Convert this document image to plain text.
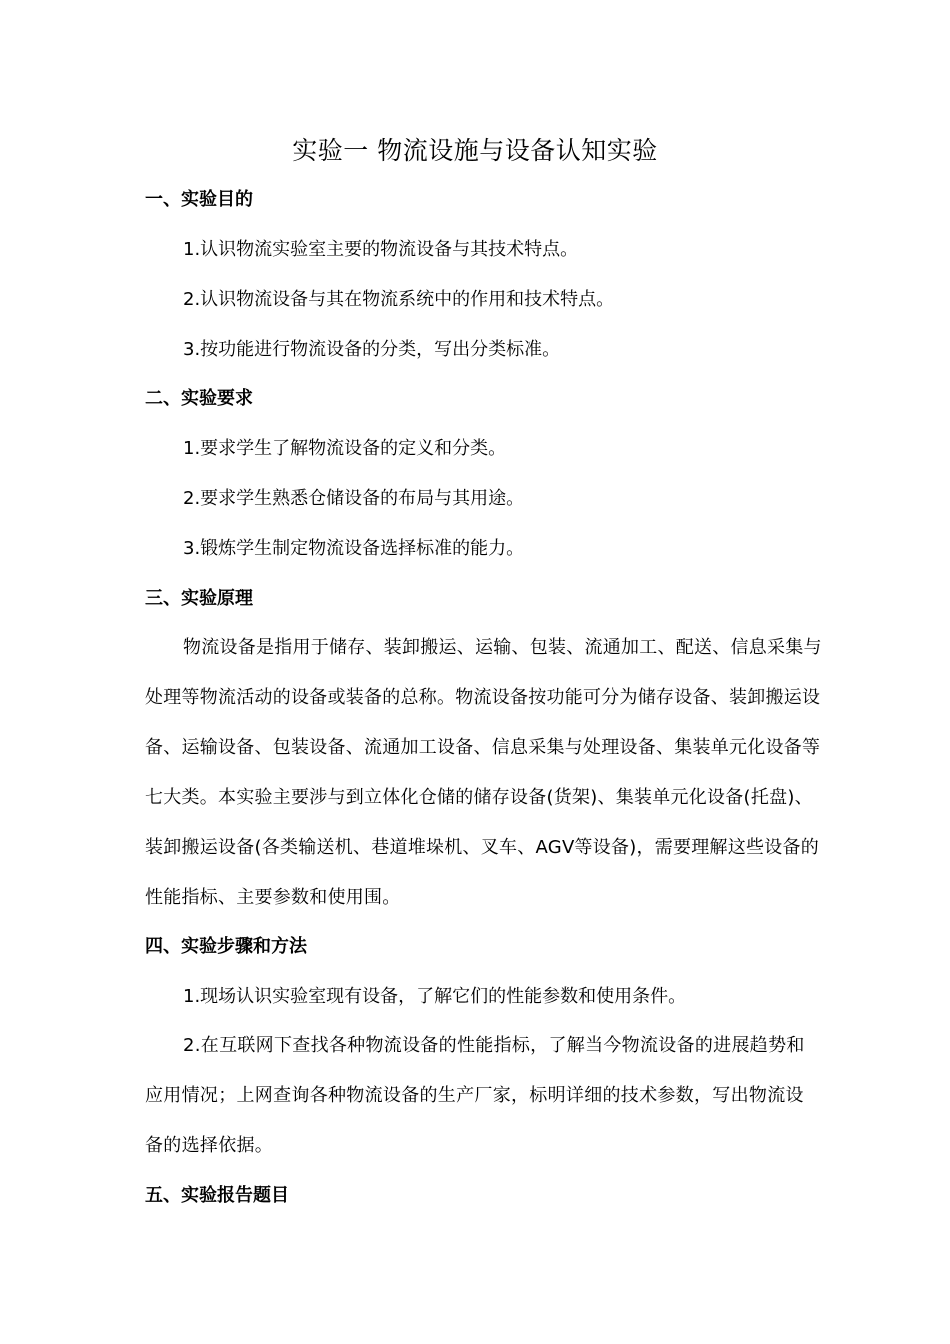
实验一 物流设施与设备认知实验
一、实验目的
1.认识物流实验室主要的物流设备与其技术特点。
2.认识物流设备与其在物流系统中的作用和技术特点。
3.按功能进行物流设备的分类，写出分类标准。
二、实验要求
1.要求学生了解物流设备的定义和分类。
2.要求学生熟悉仓储设备的布局与其用途。
3.锻炼学生制定物流设备选择标准的能力。
三、实验原理
物流设备是指用于储存、装卸搬运、运输、包装、流通加工、配送、信息采集与处理等物流活动的设备或装备的总称。物流设备按功能可分为储存设备、装卸搬运设备、运输设备、包装设备、流通加工设备、信息采集与处理设备、集装单元化设备等七大类。本实验主要涉与到立体化仓储的储存设备(货架)、集装单元化设备(托盘)、装卸搬运设备(各类输送机、巷道堆垛机、叉车、AGV等设备)，需要理解这些设备的性能指标、主要参数和使用围。
四、实验步骤和方法
1.现场认识实验室现有设备，了解它们的性能参数和使用条件。
2.在互联网下查找各种物流设备的性能指标，了解当今物流设备的进展趋势和应用情况；上网查询各种物流设备的生产厂家，标明详细的技术参数，写出物流设备的选择依据。
五、实验报告题目
